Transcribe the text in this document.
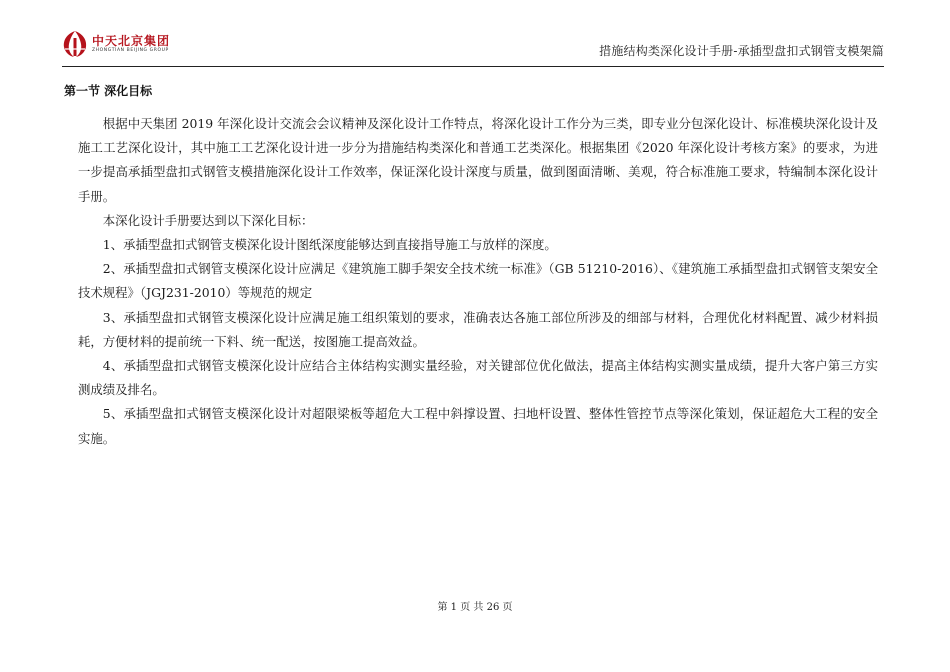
中天北京集团
ZHONGTIAN BEIJING GROUP	措施结构类深化设计手册-承插型盘扣式钢管支模架篇
第一节 深化目标

根据中天集团 2019 年深化设计交流会会议精神及深化设计工作特点，将深化设计工作分为三类，即专业分包深化设计、标准模块深化设计及施工工艺深化设计，其中施工工艺深化设计进一步分为措施结构类深化和普通工艺类深化。根据集团《2020 年深化设计考核方案》的要求，为进一步提高承插型盘扣式钢管支模措施深化设计工作效率，保证深化设计深度与质量，做到图面清晰、美观，符合标准施工要求，特编制本深化设计手册。

本深化设计手册要达到以下深化目标：

1、承插型盘扣式钢管支模深化设计图纸深度能够达到直接指导施工与放样的深度。

2、承插型盘扣式钢管支模深化设计应满足《建筑施工脚手架安全技术统一标准》（GB 51210-2016）、《建筑施工承插型盘扣式钢管支架安全技术规程》（JGJ231-2010）等规范的规定

3、承插型盘扣式钢管支模深化设计应满足施工组织策划的要求，准确表达各施工部位所涉及的细部与材料，合理优化材料配置、减少材料损耗，方便材料的提前统一下料、统一配送，按图施工提高效益。

4、承插型盘扣式钢管支模深化设计应结合主体结构实测实量经验，对关键部位优化做法，提高主体结构实测实量成绩，提升大客户第三方实测成绩及排名。

5、承插型盘扣式钢管支模深化设计对超限梁板等超危大工程中斜撑设置、扫地杆设置、整体性管控节点等深化策划，保证超危大工程的安全实施。

第 1 页 共 26 页
